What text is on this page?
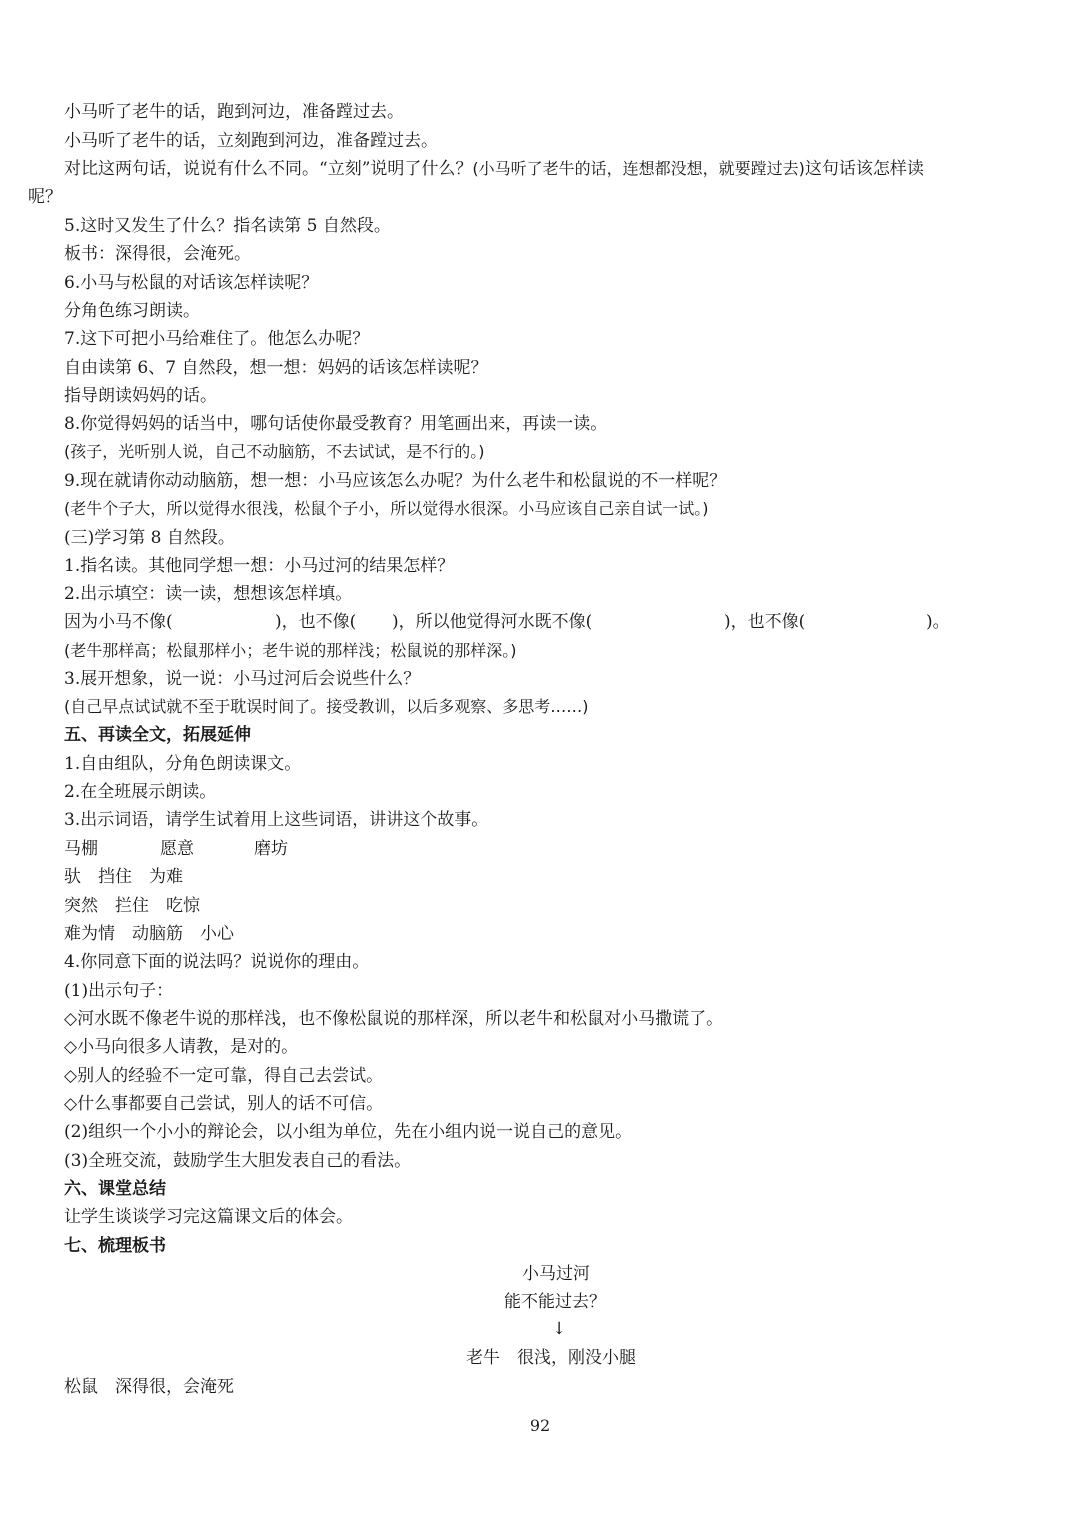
小马听了老牛的话，跑到河边，准备蹚过去。
小马听了老牛的话，立刻跑到河边，准备蹚过去。
对比这两句话，说说有什么不同。“立刻”说明了什么？(小马听了老牛的话，连想都没想，就要蹚过去)这句话该怎样读
呢？
5.这时又发生了什么？指名读第 5 自然段。
板书：深得很，会淹死。
6.小马与松鼠的对话该怎样读呢？
分角色练习朗读。
7.这下可把小马给难住了。他怎么办呢？
自由读第 6、7 自然段，想一想：妈妈的话该怎样读呢？
指导朗读妈妈的话。
8.你觉得妈妈的话当中，哪句话使你最受教育？用笔画出来，再读一读。
(孩子，光听别人说，自己不动脑筋，不去试试，是不行的。)
9.现在就请你动动脑筋，想一想：小马应该怎么办呢？为什么老牛和松鼠说的不一样呢？
(老牛个子大，所以觉得水很浅，松鼠个子小，所以觉得水很深。小马应该自己亲自试一试。)
(三)学习第 8 自然段。
1.指名读。其他同学想一想：小马过河的结果怎样？
2.出示填空：读一读，想想该怎样填。
因为小马不像(	)，也不像( )，所以他觉得河水既不像(	)，也不像(	)。
(老牛那样高；松鼠那样小；老牛说的那样浅；松鼠说的那样深。)
3.展开想象，说一说：小马过河后会说些什么？
(自己早点试试就不至于耽误时间了。接受教训，以后多观察、多思考……)
五、再读全文，拓展延伸
1.自由组队，分角色朗读课文。
2.在全班展示朗读。
3.出示词语，请学生试着用上这些词语，讲讲这个故事。
马棚	愿意	磨坊
驮　挡住　为难
突然　拦住　吃惊
难为情　动脑筋　小心
4.你同意下面的说法吗？说说你的理由。
(1)出示句子：
◇河水既不像老牛说的那样浅，也不像松鼠说的那样深，所以老牛和松鼠对小马撒谎了。
◇小马向很多人请教，是对的。
◇别人的经验不一定可靠，得自己去尝试。
◇什么事都要自己尝试，别人的话不可信。
(2)组织一个小小的辩论会，以小组为单位，先在小组内说一说自己的意见。
(3)全班交流，鼓励学生大胆发表自己的看法。
六、课堂总结
让学生谈谈学习完这篇课文后的体会。
七、梳理板书
小马过河
能不能过去？
↓
老牛　很浅，刚没小腿
松鼠　深得很，会淹死
92
